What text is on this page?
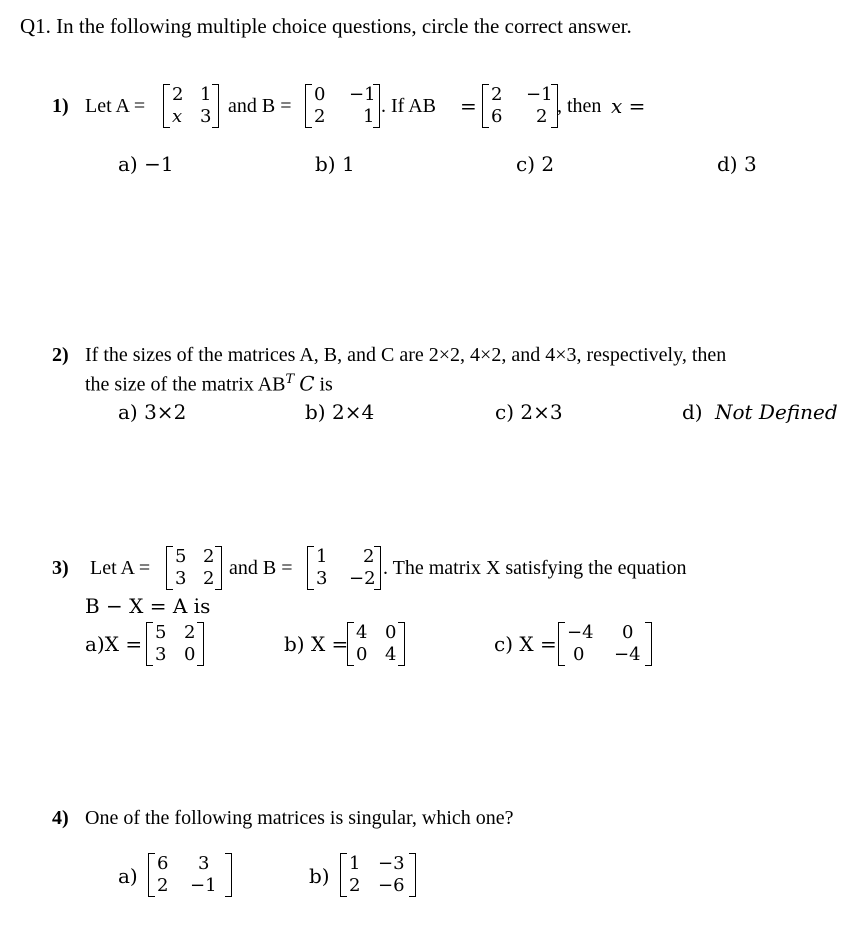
Q1. In the following multiple choice questions, circle the correct answer.
1) Let A =
2 1
x 3 and B =
0 −1
2 1 . If AB = 2 −1
6 2 , then x =
a) −1	b) 1	c) 2	d) 3
2) If the sizes of the matrices A, B, and C are 2×2, 4×2, and 4×3, respectively, then
the size of the matrix $AB^T$ C is
a) 3×2	b) 2×4	c) 2×3	d) Not Defined
3) Let A =
5 2
3 2 and B =
1 2
3 −2 . The matrix X satisfying the equation
B − X = A is
a)X = 5 2
3 0	b) X = 4 0
0 4	c) X = −4 0
0 −4
4) One of the following matrices is singular, which one?
a)
6 3
2 −1	b)
1 −3
2 −6
